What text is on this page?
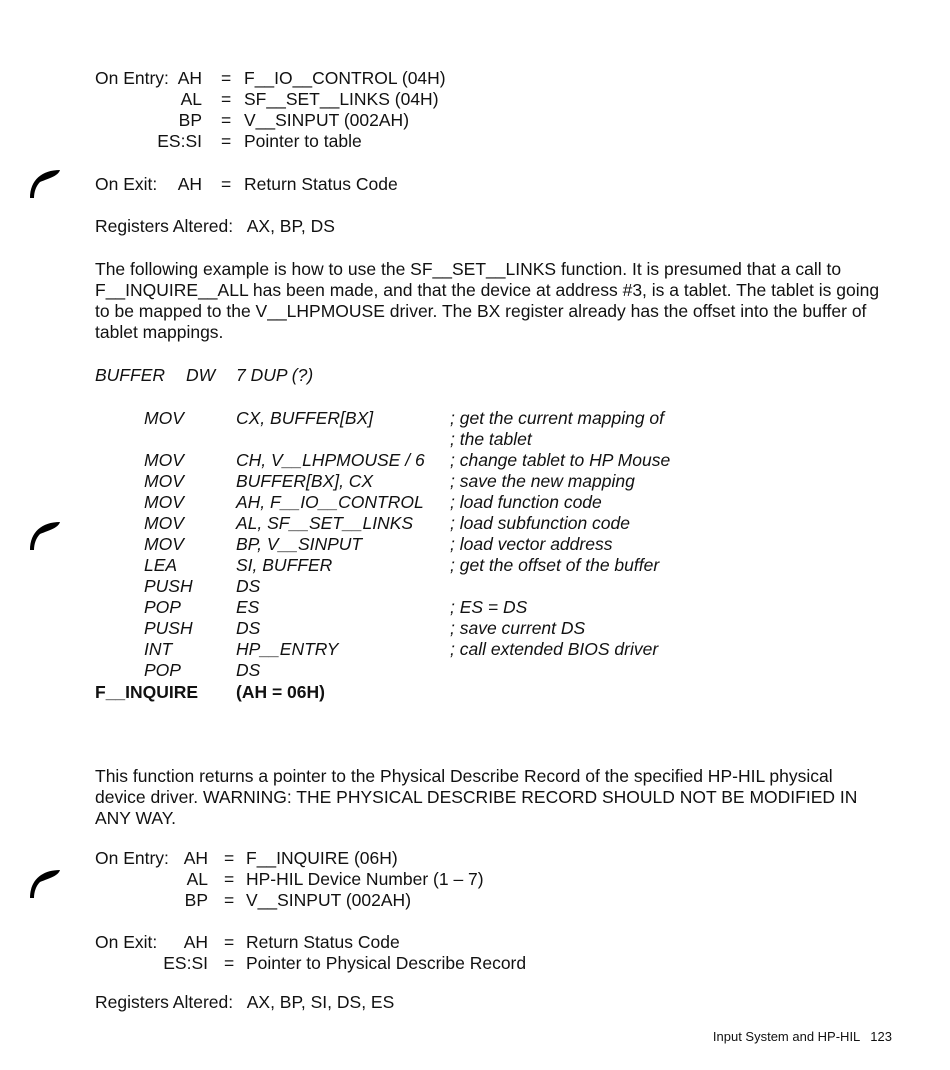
On Entry: AH = F__IO__CONTROL (04H)
AL = SF__SET__LINKS (04H)
BP = V__SINPUT (002AH)
ES:SI = Pointer to table
On Exit: AH = Return Status Code
Registers Altered:   AX, BP, DS
The following example is how to use the SF__SET__LINKS function. It is presumed that a call to F__INQUIRE__ALL has been made, and that the device at address #3, is a tablet. The tablet is going to be mapped to the V__LHPMOUSE driver. The BX register already has the offset into the buffer of tablet mappings.
BUFFER DW 7 DUP (?)
MOV	CX, BUFFER[BX]	; get the current mapping of
; the tablet
MOV	CH, V__LHPMOUSE / 6 ; change tablet to HP Mouse
MOV	BUFFER[BX], CX	; save the new mapping
MOV	AH, F__IO__CONTROL ; load function code
MOV	AL, SF__SET__LINKS ; load subfunction code
MOV	BP, V__SINPUT	; load vector address
LEA	SI, BUFFER	; get the offset of the buffer
PUSH DS
POP	ES	; ES = DS
PUSH DS	; save current DS
INT	HP__ENTRY	; call extended BIOS driver
POP	DS
F__INQUIRE (AH = 06H)
This function returns a pointer to the Physical Describe Record of the specified HP-HIL physical device driver. WARNING: THE PHYSICAL DESCRIBE RECORD SHOULD NOT BE MODIFIED IN ANY WAY.
On Entry: AH = F__INQUIRE (06H)
AL = HP-HIL Device Number (1 – 7)
BP = V__SINPUT (002AH)
On Exit: AH = Return Status Code
ES:SI = Pointer to Physical Describe Record
Registers Altered:   AX, BP, SI, DS, ES
Input System and HP-HIL 123
